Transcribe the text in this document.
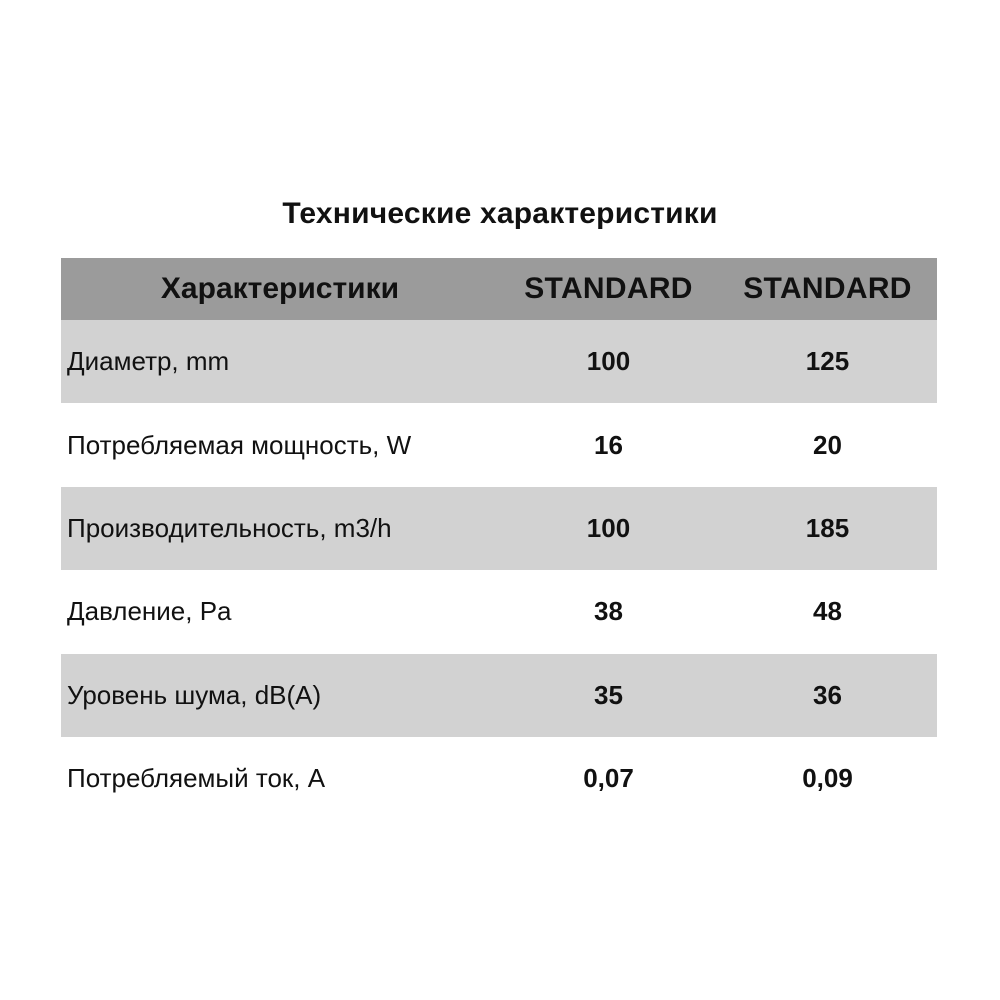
Технические характеристики
Характеристики	STANDARD	STANDARD
Диаметр, mm	100	125
Потребляемая мощность, W	16	20
Производительность, m3/h	100	185
Давление, Pa	38	48
Уровень шума, dB(A)	35	36
Потребляемый ток, A	0,07	0,09
